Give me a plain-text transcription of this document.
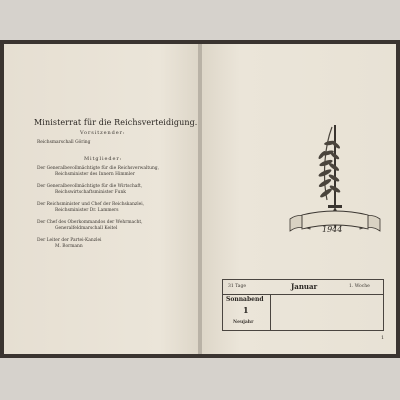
Ministerrat für die Reichsverteidigung.
Vorsitzender:
Reichsmarschall Göring
Mitglieder:
Der Generalbevollmächtigte für die Reichsverwaltung,
Reichsminister des Innern Himmler
Der Generalbevollmächtigte für die Wirtschaft,
Reichswirtschaftsminister Funk
Der Reichsminister und Chef der Reichskanzlei,
Reichsminister Dr. Lammers
Der Chef des Oberkommandos der Wehrmacht,
Generalfeldmarschall Keitel
Der Leiter der Partei-Kanzlei
M. Bormann
1944
31 Tage	Januar	1. Woche
Sonnabend
1
Neujahr
1
